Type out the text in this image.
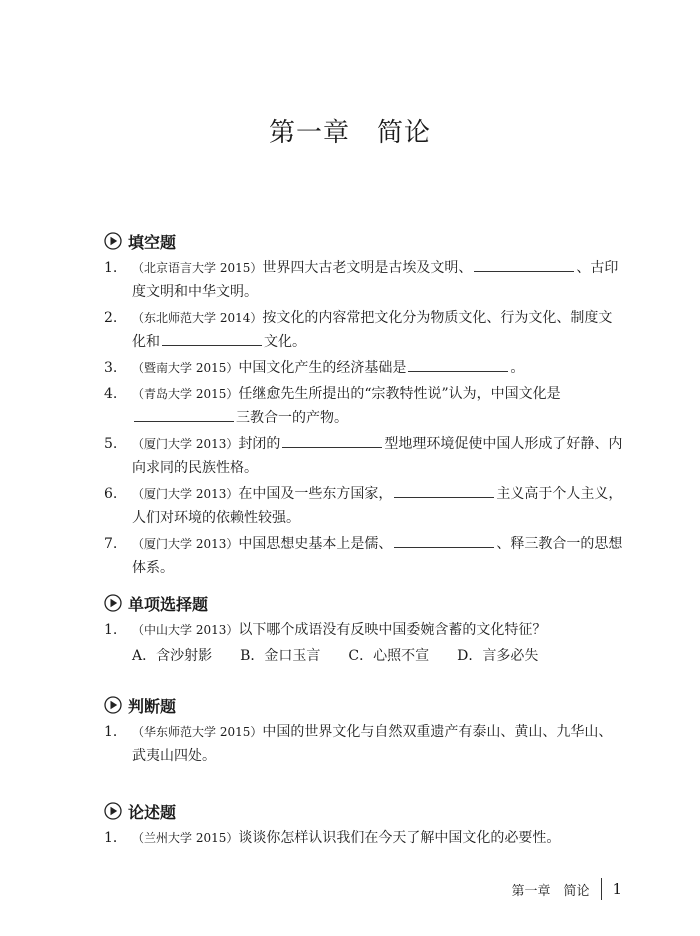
第一章　简论
填空题
1. （北京语言大学 2015）世界四大古老文明是古埃及文明、	、古印度文明和中华文明。
2. （东北师范大学 2014）按文化的内容常把文化分为物质文化、行为文化、制度文化和	文化。
3. （暨南大学 2015）中国文化产生的经济基础是	。
4. （青岛大学 2015）任继愈先生所提出的“宗教特性说”认为，中国文化是三教合一的产物。
5. （厦门大学 2013）封闭的	型地理环境促使中国人形成了好静、内向求同的民族性格。
6. （厦门大学 2013）在中国及一些东方国家，	主义高于个人主义，人们对环境的依赖性较强。
7. （厦门大学 2013）中国思想史基本上是儒、	、释三教合一的思想体系。
单项选择题
1. （中山大学 2013）以下哪个成语没有反映中国委婉含蓄的文化特征？
A．含沙射影 B．金口玉言 C．心照不宣 D．言多必失
判断题
1． （华东师范大学 2015）中国的世界文化与自然双重遗产有泰山、黄山、九华山、武夷山四处。
论述题
1． （兰州大学 2015）谈谈你怎样认识我们在今天了解中国文化的必要性。
第一章　简论 1
